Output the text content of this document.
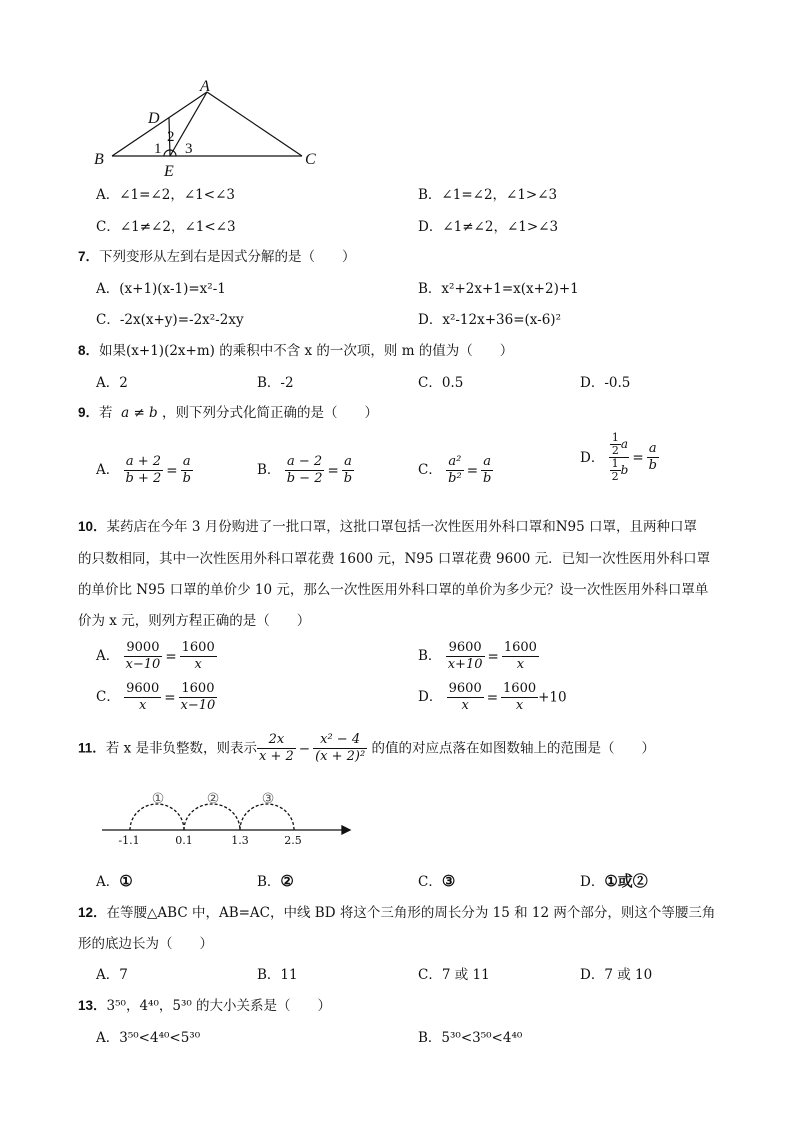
A
B	C
D
E
1
2
3
A．∠1=∠2，∠1<∠3	B．∠1=∠2，∠1>∠3
C．∠1≠∠2，∠1<∠3	D．∠1≠∠2，∠1>∠3
7．下列变形从左到右是因式分解的是（　　）
A．(x+1)(x-1)=x²-1	B．x²+2x+1=x(x+2)+1
C．-2x(x+y)=-2x²-2xy	D．x²-12x+36=(x-6)²
8．如果(x+1)(2x+m) 的乘积中不含 x 的一次项，则 m 的值为（　　）
A．2	B．-2	C．0.5	D．-0.5
9．若 a ≠ b ，则下列分式化简正确的是（　　）
A． $\frac{a + 2}{b + 2} = \frac{a}{b}$	B． $\frac{a - 2}{b - 2} = \frac{a}{b}$	C． $\frac{\text{a²}}{\text{b²}} = \frac{a}{b}$	D． $\frac{\frac{1}{2} a}{\frac{1}{2} b} = \frac{a}{b}$
10．某药店在今年 3 月份购进了一批口罩，这批口罩包括一次性医用外科口罩和N95 口罩，且两种口罩
的只数相同，其中一次性医用外科口罩花费 1600 元，N95 口罩花费 9600 元．已知一次性医用外科口罩
的单价比 N95 口罩的单价少 10 元，那么一次性医用外科口罩的单价为多少元？设一次性医用外科口罩单
价为 x 元，则列方程正确的是（　　）
A． $\frac{9000}{x-10} = \frac{1600}{x}$	B． $\frac{9600}{x+10} = \frac{1600}{x}$
C． $\frac{9600}{x} = \frac{1600}{x-10}$	D． $\frac{9600}{x} = \frac{1600}{x} +10$
11．若 x 是非负整数，则表示 $\frac{2x}{x + 2} - \frac{\text{x² − 4}}{\text{(x + 2)²}}$ 的值的对应点落在如图数轴上的范围是（　　）
-1.1	0.1	1.3	2.5
①	②	③
A．①	B．②	C．③	D．①或②
12．在等腰△ABC 中，AB=AC，中线 BD 将这个三角形的周长分为 15 和 12 两个部分，则这个等腰三角
形的底边长为（　　）
A．7	B．11	C．7 或 11	D．7 或 10
13．3⁵⁰，4⁴⁰，5³⁰ 的大小关系是（　　）
A．3⁵⁰<4⁴⁰<5³⁰	B．5³⁰<3⁵⁰<4⁴⁰
